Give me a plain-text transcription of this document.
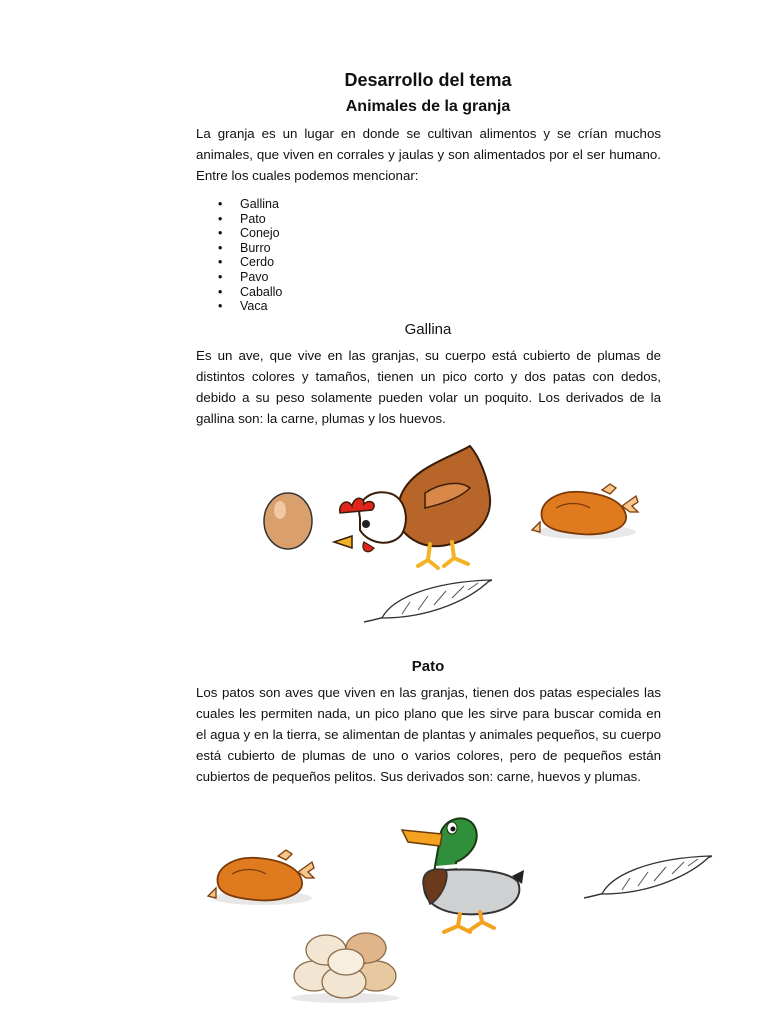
Desarrollo del tema
Animales de la granja
La granja es un lugar en donde se cultivan alimentos y se crían muchos animales, que viven en corrales y jaulas y son alimentados por el ser humano. Entre los cuales podemos mencionar:
• Gallina
• Pato
• Conejo
• Burro
• Cerdo
• Pavo
• Caballo
• Vaca
Gallina
Es un ave, que vive en las granjas, su cuerpo está cubierto de plumas de distintos colores y tamaños, tienen un pico corto y dos patas con dedos, debido a su peso solamente pueden volar un poquito. Los derivados de la gallina son: la carne, plumas y los huevos.
Pato
Los patos son aves que viven en las granjas, tienen dos patas especiales las cuales les permiten nada, un pico plano que les sirve para buscar comida en el agua y en la tierra, se alimentan de plantas y animales pequeños, su cuerpo está cubierto de plumas de uno o varios colores, pero de pequeños están cubiertos de pequeños pelitos. Sus derivados son: carne, huevos y plumas.
